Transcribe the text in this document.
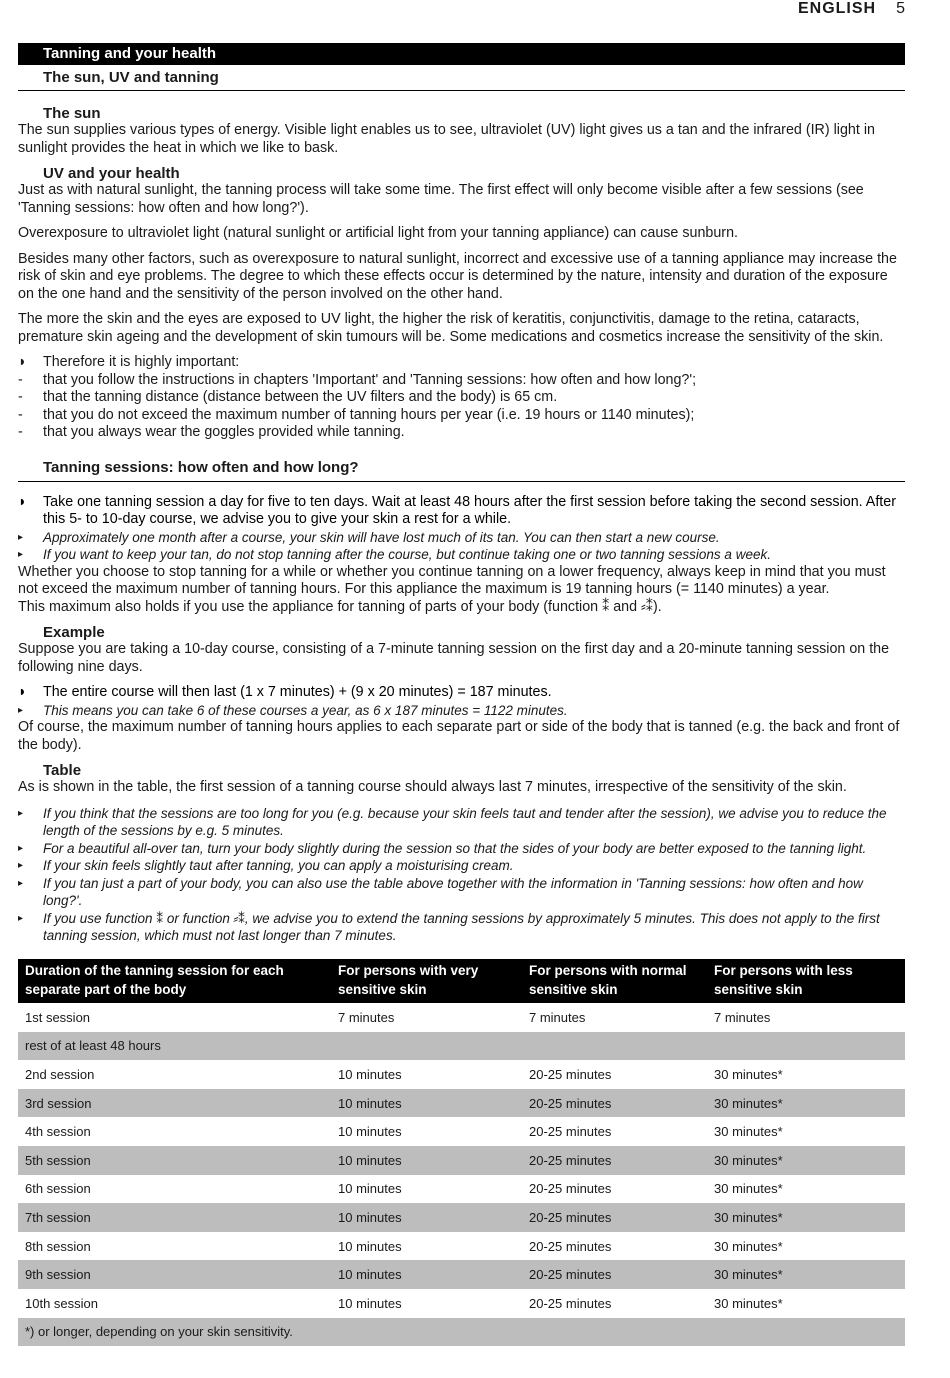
ENGLISH 5
Tanning and your health
The sun, UV and tanning
The sun

The sun supplies various types of energy. Visible light enables us to see, ultraviolet (UV) light gives us a tan and the infrared (IR) light in sunlight provides the heat in which we like to bask.

UV and your health

Just as with natural sunlight, the tanning process will take some time. The first effect will only become visible after a few sessions (see 'Tanning sessions: how often and how long?').

Overexposure to ultraviolet light (natural sunlight or artificial light from your tanning appliance) can cause sunburn.

Besides many other factors, such as overexposure to natural sunlight, incorrect and excessive use of a tanning appliance may increase the risk of skin and eye problems. The degree to which these effects occur is determined by the nature, intensity and duration of the exposure on the one hand and the sensitivity of the person involved on the other hand.

The more the skin and the eyes are exposed to UV light, the higher the risk of keratitis, conjunctivitis, damage to the retina, cataracts, premature skin ageing and the development of skin tumours will be. Some medications and cosmetics increase the sensitivity of the skin.

◗ Therefore it is highly important:
- that you follow the instructions in chapters 'Important' and 'Tanning sessions: how often and how long?';
- that the tanning distance (distance between the UV filters and the body) is 65 cm.
- that you do not exceed the maximum number of tanning hours per year (i.e. 19 hours or 1140 minutes);
- that you always wear the goggles provided while tanning.
Tanning sessions: how often and how long?
◗ Take one tanning session a day for five to ten days. Wait at least 48 hours after the first session before taking the second session. After this 5- to 10-day course, we advise you to give your skin a rest for a while.
▸ Approximately one month after a course, your skin will have lost much of its tan. You can then start a new course.
▸ If you want to keep your tan, do not stop tanning after the course, but continue taking one or two tanning sessions a week.

Whether you choose to stop tanning for a while or whether you continue tanning on a lower frequency, always keep in mind that you must not exceed the maximum number of tanning hours. For this appliance the maximum is 19 tanning hours (= 1140 minutes) a year.

This maximum also holds if you use the appliance for tanning of parts of your body (function ⁑ and ⸗⁑).

Example

Suppose you are taking a 10-day course, consisting of a 7-minute tanning session on the first day and a 20-minute tanning session on the following nine days.

◗ The entire course will then last (1 x 7 minutes) + (9 x 20 minutes) = 187 minutes.
▸ This means you can take 6 of these courses a year, as 6 x 187 minutes = 1122 minutes.

Of course, the maximum number of tanning hours applies to each separate part or side of the body that is tanned (e.g. the back and front of the body).

Table

As is shown in the table, the first session of a tanning course should always last 7 minutes, irrespective of the sensitivity of the skin.

▸ If you think that the sessions are too long for you (e.g. because your skin feels taut and tender after the session), we advise you to reduce the length of the sessions by e.g. 5 minutes.
▸ For a beautiful all-over tan, turn your body slightly during the session so that the sides of your body are better exposed to the tanning light.
▸ If your skin feels slightly taut after tanning, you can apply a moisturising cream.
▸ If you tan just a part of your body, you can also use the table above together with the information in 'Tanning sessions: how often and how long?'.
▸ If you use function ⁑ or function ⸗⁑, we advise you to extend the tanning sessions by approximately 5 minutes. This does not apply to the first tanning session, which must not last longer than 7 minutes.
Duration of the tanning session for each separate part of the body	For persons with very sensitive skin	For persons with normal sensitive skin	For persons with less sensitive skin
1st session	7 minutes	7 minutes	7 minutes
rest of at least 48 hours			
2nd session	10 minutes	20-25 minutes	30 minutes*
3rd session	10 minutes	20-25 minutes	30 minutes*
4th session	10 minutes	20-25 minutes	30 minutes*
5th session	10 minutes	20-25 minutes	30 minutes*
6th session	10 minutes	20-25 minutes	30 minutes*
7th session	10 minutes	20-25 minutes	30 minutes*
8th session	10 minutes	20-25 minutes	30 minutes*
9th session	10 minutes	20-25 minutes	30 minutes*
10th session	10 minutes	20-25 minutes	30 minutes*
*) or longer, depending on your skin sensitivity.			
